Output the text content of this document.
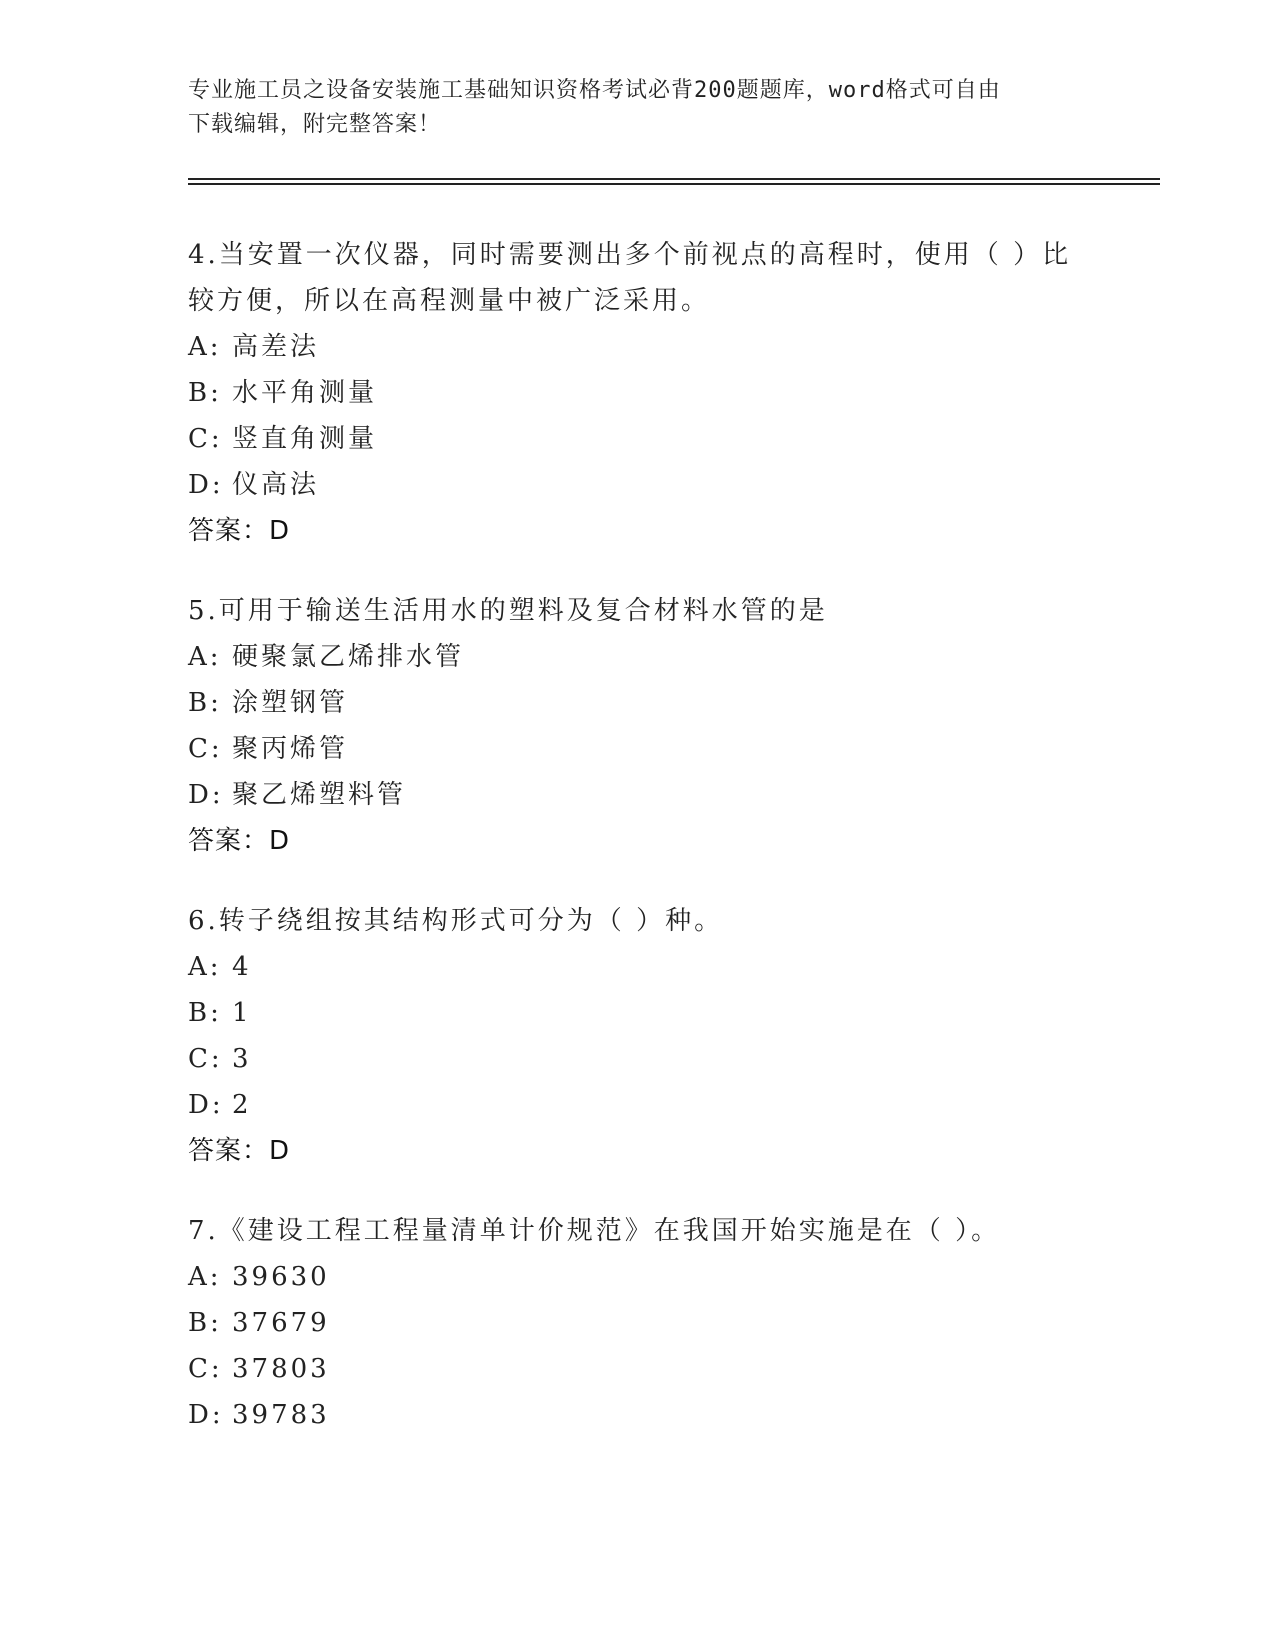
专业施工员之设备安装施工基础知识资格考试必背200题题库，word格式可自由
下载编辑，附完整答案！
4.当安置一次仪器，同时需要测出多个前视点的高程时，使用（ ）比
较方便，所以在高程测量中被广泛采用。
A: 高差法
B: 水平角测量
C: 竖直角测量
D: 仪高法
答案：D
5.可用于输送生活用水的塑料及复合材料水管的是
A: 硬聚氯乙烯排水管
B: 涂塑钢管
C: 聚丙烯管
D: 聚乙烯塑料管
答案：D
6.转子绕组按其结构形式可分为（ ）种。
A: 4
B: 1
C: 3
D: 2
答案：D
7.《建设工程工程量清单计价规范》在我国开始实施是在（ ）。
A: 39630
B: 37679
C: 37803
D: 39783
